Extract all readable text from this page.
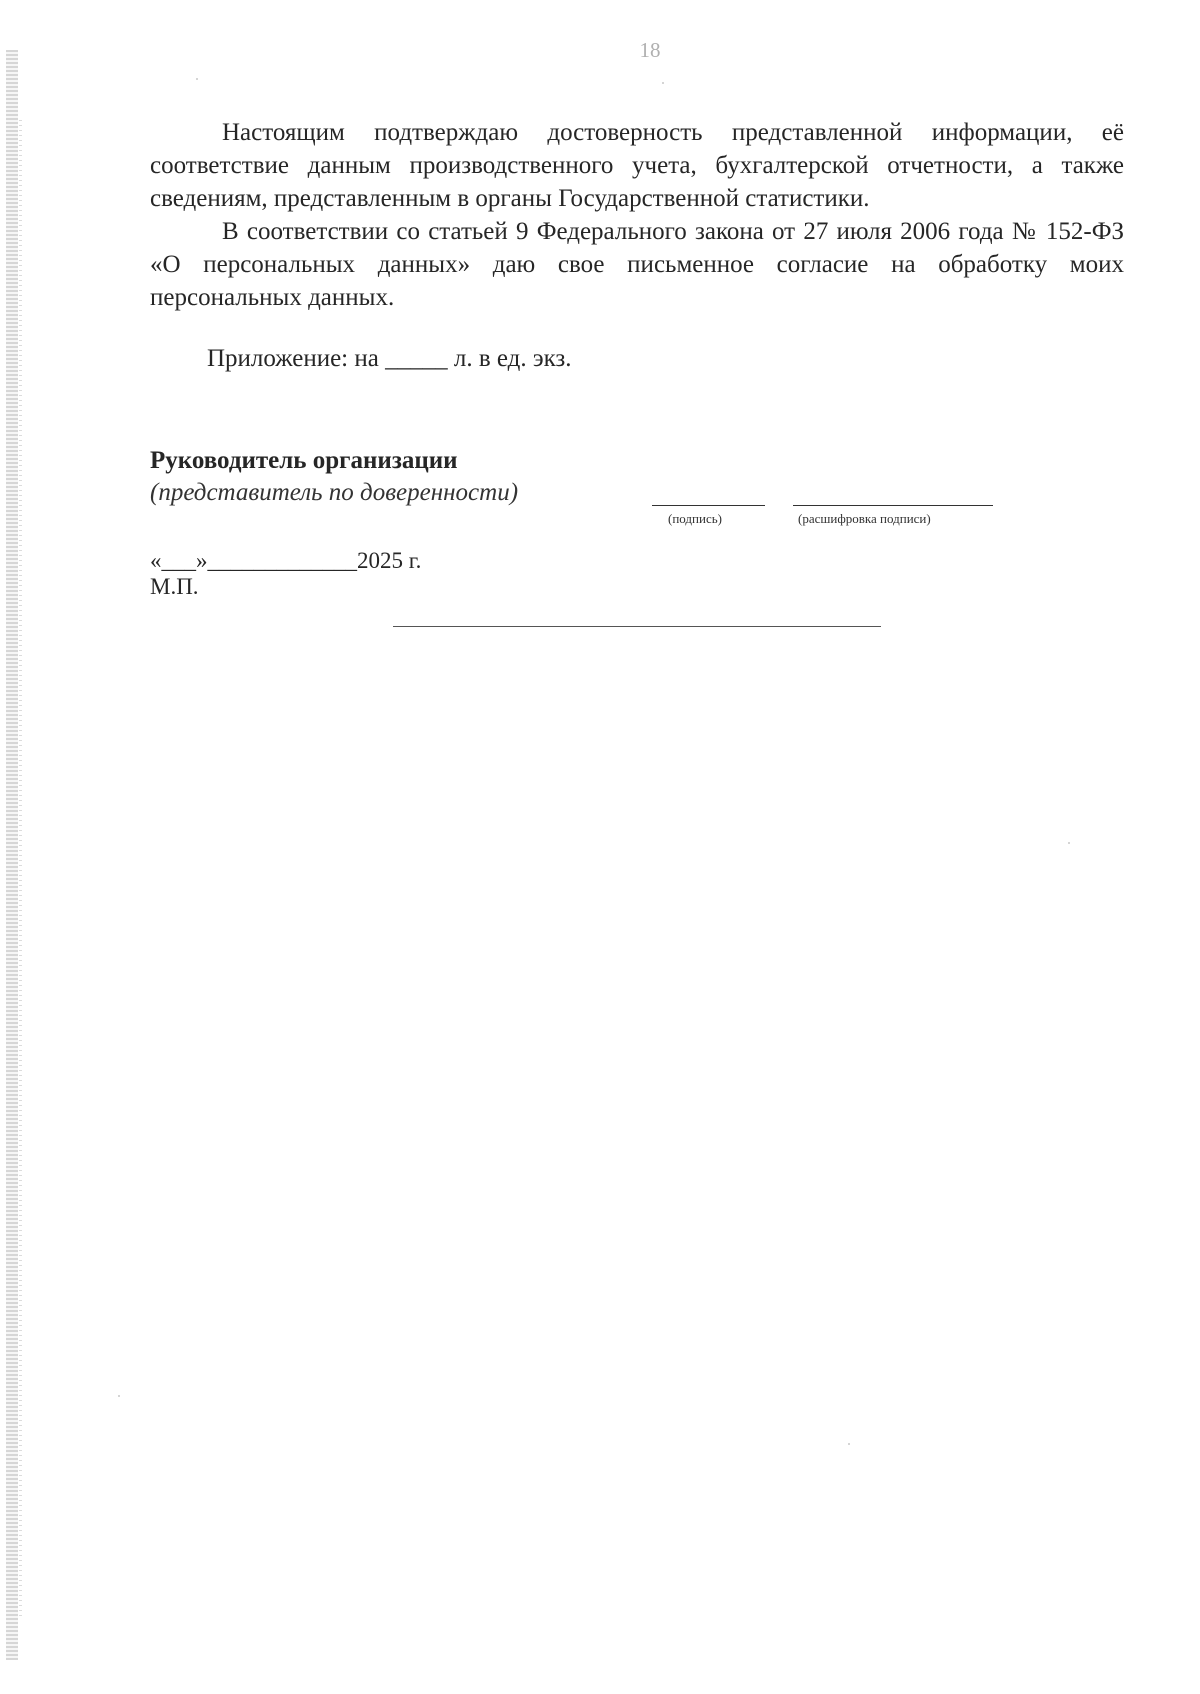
18

Настоящим подтверждаю достоверность представленной информации, её соответствие данным производственного учета, бухгалтерской отчетности, а также сведениям, представленным в органы Государственной статистики.

В соответствии со статьей 9 Федерального закона от 27 июля 2006 года № 152-ФЗ «О персональных данных» даю свое письменное согласие на обработку моих персональных данных.

Приложение: на _____ л. в ед. экз.
Руководитель организации
(представитель по доверенности)
(подпись)	(расшифровка подписи)
«___»_____________2025 г.
М.П.
